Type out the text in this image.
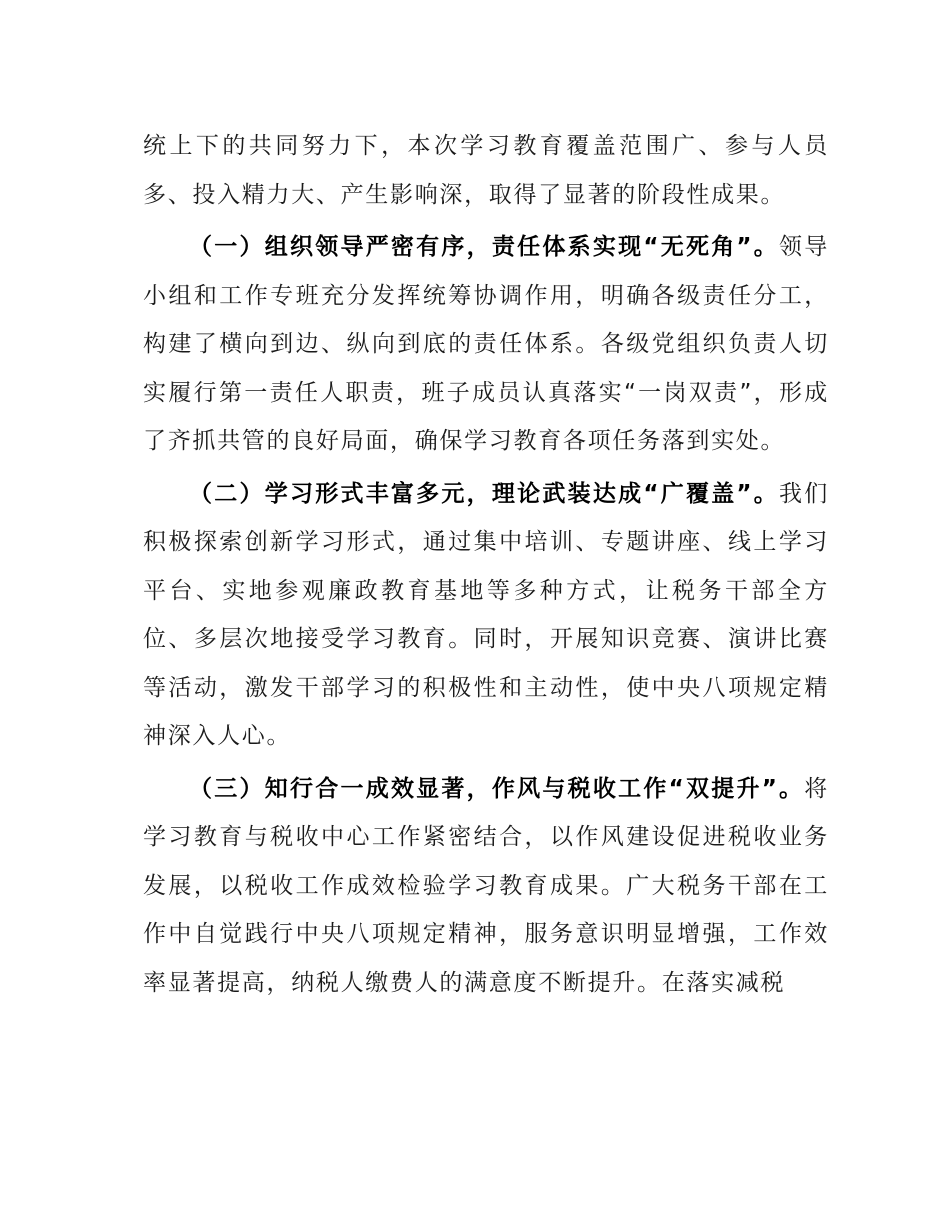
统上下的共同努力下，本次学习教育覆盖范围广、参与人员多、投入精力大、产生影响深，取得了显著的阶段性成果。

（一）组织领导严密有序，责任体系实现“无死角”。领导小组和工作专班充分发挥统筹协调作用，明确各级责任分工，构建了横向到边、纵向到底的责任体系。各级党组织负责人切实履行第一责任人职责，班子成员认真落实“一岗双责”，形成了齐抓共管的良好局面，确保学习教育各项任务落到实处。

（二）学习形式丰富多元，理论武装达成“广覆盖”。我们积极探索创新学习形式，通过集中培训、专题讲座、线上学习平台、实地参观廉政教育基地等多种方式，让税务干部全方位、多层次地接受学习教育。同时，开展知识竞赛、演讲比赛等活动，激发干部学习的积极性和主动性，使中央八项规定精神深入人心。

（三）知行合一成效显著，作风与税收工作“双提升”。将学习教育与税收中心工作紧密结合，以作风建设促进税收业务发展，以税收工作成效检验学习教育成果。广大税务干部在工作中自觉践行中央八项规定精神，服务意识明显增强，工作效率显著提高，纳税人缴费人的满意度不断提升。在落实减税
